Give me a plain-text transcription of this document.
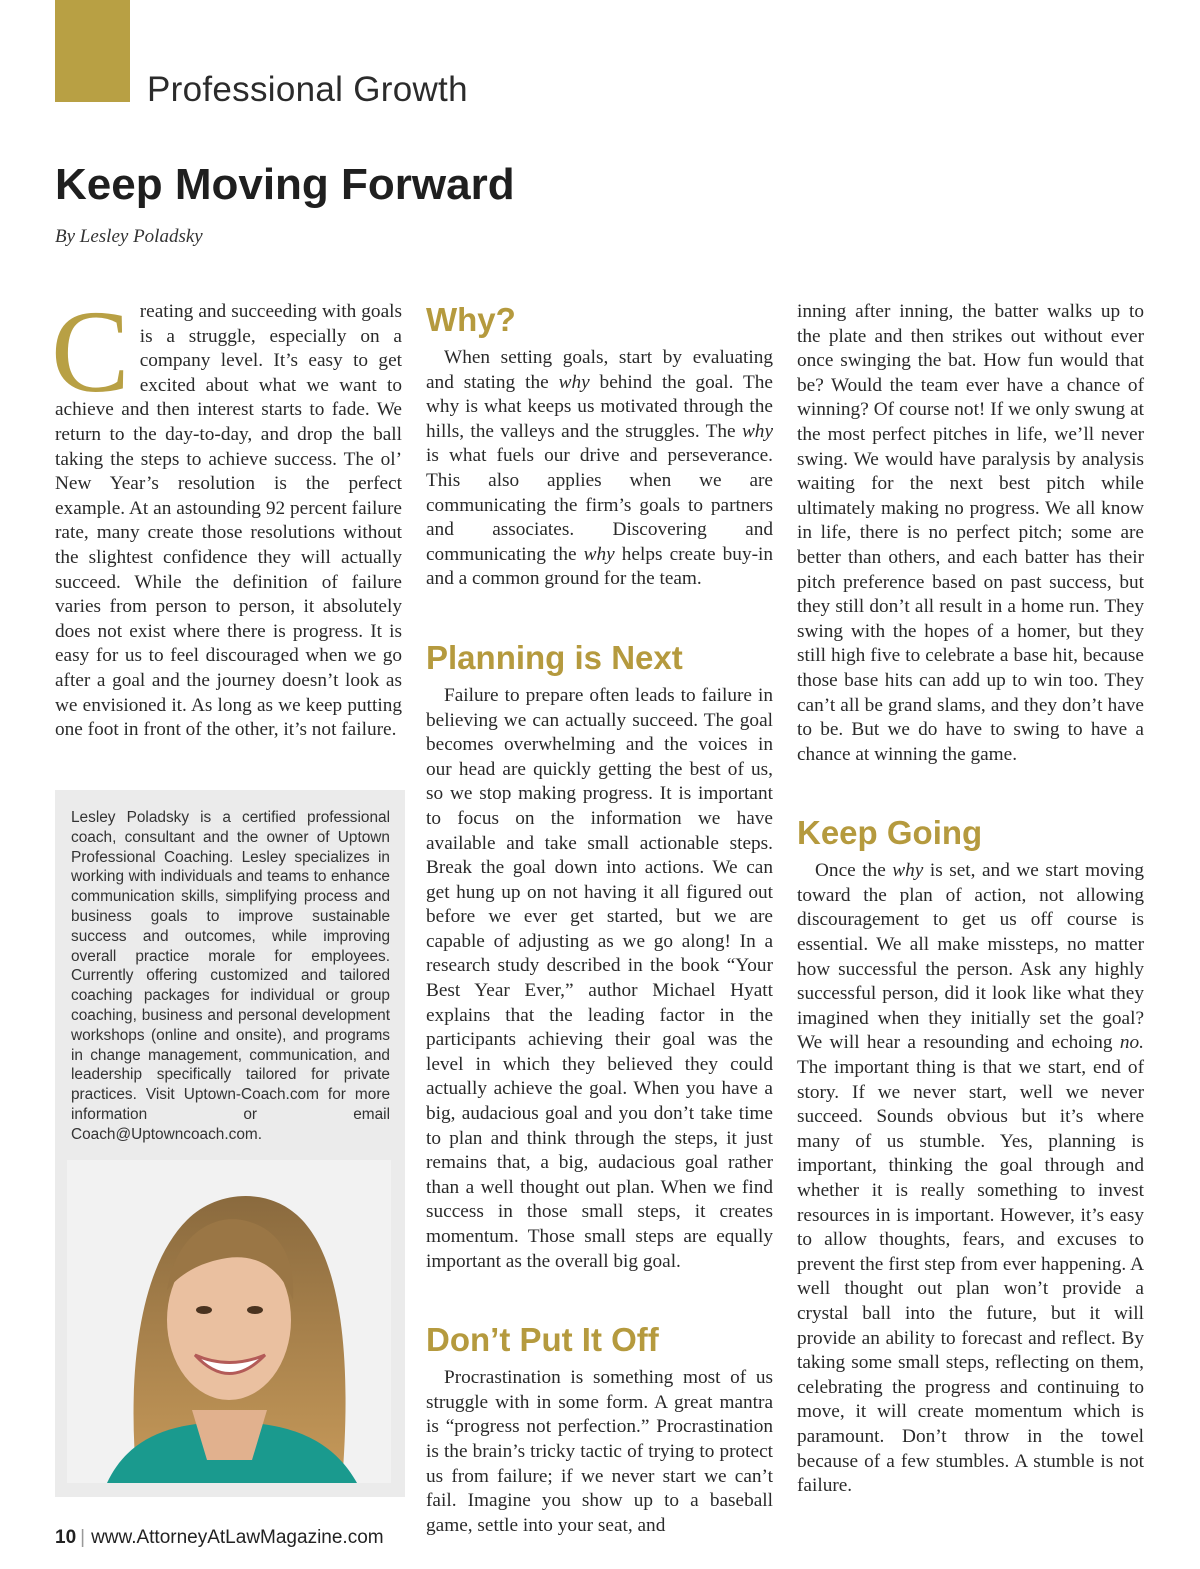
Professional Growth
Keep Moving Forward
By Lesley Poladsky

Creating and succeeding with goals is a struggle, especially on a company level. It’s easy to get excited about what we want to achieve and then interest starts to fade. We return to the day-to-day, and drop the ball taking the steps to achieve success. The ol’ New Year’s resolution is the perfect example. At an astounding 92 percent failure rate, many create those resolutions without the slightest confidence they will actually succeed. While the definition of failure varies from person to person, it absolutely does not exist where there is progress. It is easy for us to feel discouraged when we go after a goal and the journey doesn’t look as we envisioned it. As long as we keep putting one foot in front of the other, it’s not failure.

Lesley Poladsky is a certified professional coach, consultant and the owner of Uptown Professional Coaching. Lesley specializes in working with individuals and teams to enhance communication skills, simplifying process and business goals to improve sustainable success and outcomes, while improving overall practice morale for employees. Currently offering customized and tailored coaching packages for individual or group coaching, business and personal development workshops (online and onsite), and programs in change management, communication, and leadership specifically tailored for private practices. Visit Uptown-Coach.com for more information or email Coach@Uptowncoach.com.
Why?

When setting goals, start by evaluating and stating the why behind the goal. The why is what keeps us motivated through the hills, the valleys and the struggles. The why is what fuels our drive and perseverance. This also applies when we are communicating the firm’s goals to partners and associates. Discovering and communicating the why helps create buy-in and a common ground for the team.

Planning is Next

Failure to prepare often leads to failure in believing we can actually succeed. The goal becomes overwhelming and the voices in our head are quickly getting the best of us, so we stop making progress. It is important to focus on the information we have available and take small actionable steps. Break the goal down into actions. We can get hung up on not having it all figured out before we ever get started, but we are capable of adjusting as we go along! In a research study described in the book “Your Best Year Ever,” author Michael Hyatt explains that the leading factor in the participants achieving their goal was the level in which they believed they could actually achieve the goal. When you have a big, audacious goal and you don’t take time to plan and think through the steps, it just remains that, a big, audacious goal rather than a well thought out plan. When we find success in those small steps, it creates momentum. Those small steps are equally important as the overall big goal.

Don’t Put It Off

Procrastination is something most of us struggle with in some form. A great mantra is “progress not perfection.” Procrastination is the brain’s tricky tactic of trying to protect us from failure; if we never start we can’t fail. Imagine you show up to a baseball game, settle into your seat, and

inning after inning, the batter walks up to the plate and then strikes out without ever once swinging the bat. How fun would that be? Would the team ever have a chance of winning? Of course not! If we only swung at the most perfect pitches in life, we’ll never swing. We would have paralysis by analysis waiting for the next best pitch while ultimately making no progress. We all know in life, there is no perfect pitch; some are better than others, and each batter has their pitch preference based on past success, but they still don’t all result in a home run. They swing with the hopes of a homer, but they still high five to celebrate a base hit, because those base hits can add up to win too. They can’t all be grand slams, and they don’t have to be. But we do have to swing to have a chance at winning the game.

Keep Going

Once the why is set, and we start moving toward the plan of action, not allowing discouragement to get us off course is essential. We all make missteps, no matter how successful the person. Ask any highly successful person, did it look like what they imagined when they initially set the goal? We will hear a resounding and echoing no. The important thing is that we start, end of story. If we never start, well we never succeed. Sounds obvious but it’s where many of us stumble. Yes, planning is important, thinking the goal through and whether it is really something to invest resources in is important. However, it’s easy to allow thoughts, fears, and excuses to prevent the first step from ever happening. A well thought out plan won’t provide a crystal ball into the future, but it will provide an ability to forecast and reflect. By taking some small steps, reflecting on them, celebrating the progress and continuing to move, it will create momentum which is paramount. Don’t throw in the towel because of a few stumbles. A stumble is not failure.

10 | www.AttorneyAtLawMagazine.com
